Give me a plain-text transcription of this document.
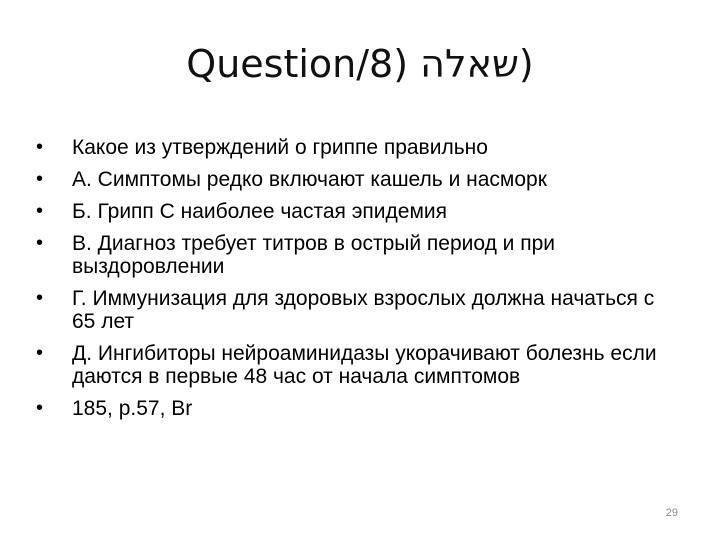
Question/8) שאלה)
•	Какое из утверждений о гриппе правильно
•	А. Симптомы редко включают кашель и насморк
•	Б. Грипп С наиболее частая эпидемия
•	В. Диагноз требует титров в острый период и при выздоровлении
•	Г. Иммунизация для здоровых взрослых должна начаться с 65 лет
•	Д. Ингибиторы нейроаминидазы укорачивают болезнь если даются в первые 48 час от начала симптомов
•	185, p.57, Br
29
